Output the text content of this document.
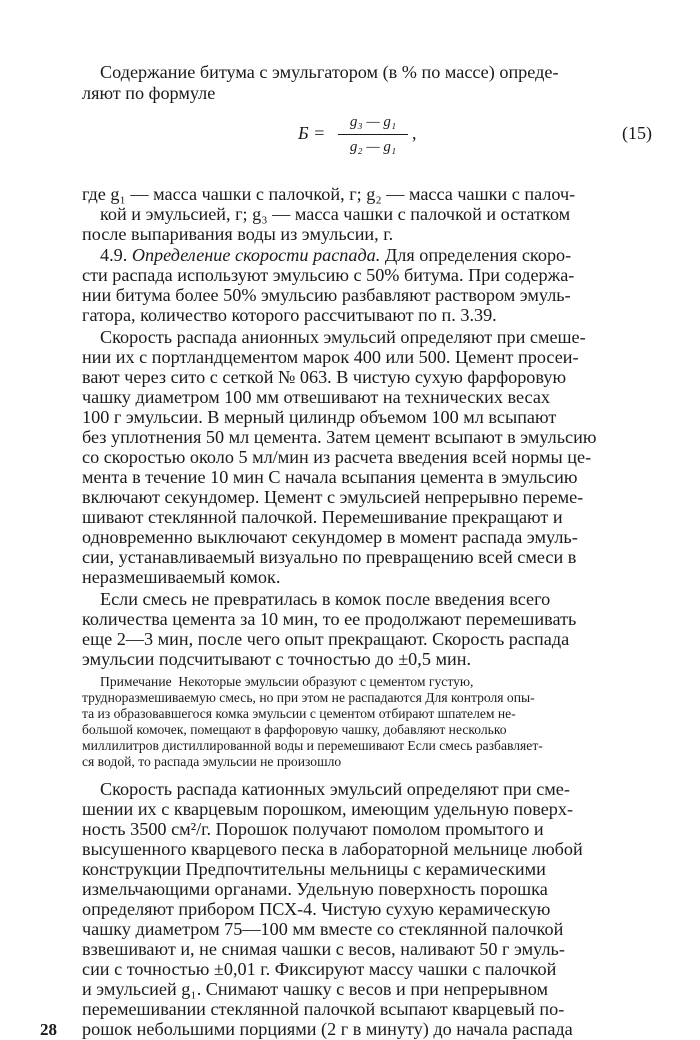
Содержание битума с эмульгатором (в % по массе) опреде-
ляют по формуле
Б =
g₃ — g₁
g₂ — g₁
,	(15)
где g₁ — масса чашки с палочкой, г; g₂ — масса чашки с палоч-
кой и эмульсией, г; g₃ — масса чашки с палочкой и остатком
после выпаривания воды из эмульсии, г.
4.9. Определение скорости распада. Для определения скоро-
сти распада используют эмульсию с 50% битума. При содержа-
нии битума более 50% эмульсию разбавляют раствором эмуль-
гатора, количество которого рассчитывают по п. 3.39.
Скорость распада анионных эмульсий определяют при смеше-
нии их с портландцементом марок 400 или 500. Цемент просеи-
вают через сито с сеткой № 063. В чистую сухую фарфоровую
чашку диаметром 100 мм отвешивают на технических весах
100 г эмульсии. В мерный цилиндр объемом 100 мл всыпают
без уплотнения 50 мл цемента. Затем цемент всыпают в эмульсию
со скоростью около 5 мл/мин из расчета введения всей нормы це-
мента в течение 10 мин С начала всыпания цемента в эмульсию
включают секундомер. Цемент с эмульсией непрерывно переме-
шивают стеклянной палочкой. Перемешивание прекращают и
одновременно выключают секундомер в момент распада эмуль-
сии, устанавливаемый визуально по превращению всей смеси в
неразмешиваемый комок.
Если смесь не превратилась в комок после введения всего
количества цемента за 10 мин, то ее продолжают перемешивать
еще 2—3 мин, после чего опыт прекращают. Скорость распада
эмульсии подсчитывают с точностью до ±0,5 мин.
Примечание  Некоторые эмульсии образуют с цементом густую,
трудноразмешиваемую смесь, но при этом не распадаются Для контроля опы-
та из образовавшегося комка эмульсии с цементом отбирают шпателем не-
большой комочек, помещают в фарфоровую чашку, добавляют несколько
миллилитров дистиллированной воды и перемешивают Если смесь разбавляет-
ся водой, то распада эмульсии не произошло
Скорость распада катионных эмульсий определяют при сме-
шении их с кварцевым порошком, имеющим удельную поверх-
ность 3500 см²/г. Порошок получают помолом промытого и
высушенного кварцевого песка в лабораторной мельнице любой
конструкции Предпочтительны мельницы с керамическими
измельчающими органами. Удельную поверхность порошка
определяют прибором ПСХ-4. Чистую сухую керамическую
чашку диаметром 75—100 мм вместе со стеклянной палочкой
взвешивают и, не снимая чашки с весов, наливают 50 г эмуль-
сии с точностью ±0,01 г. Фиксируют массу чашки с палочкой
и эмульсией g₁. Снимают чашку с весов и при непрерывном
перемешивании стеклянной палочкой всыпают кварцевый по-
рошок небольшими порциями (2 г в минуту) до начала распада
28
